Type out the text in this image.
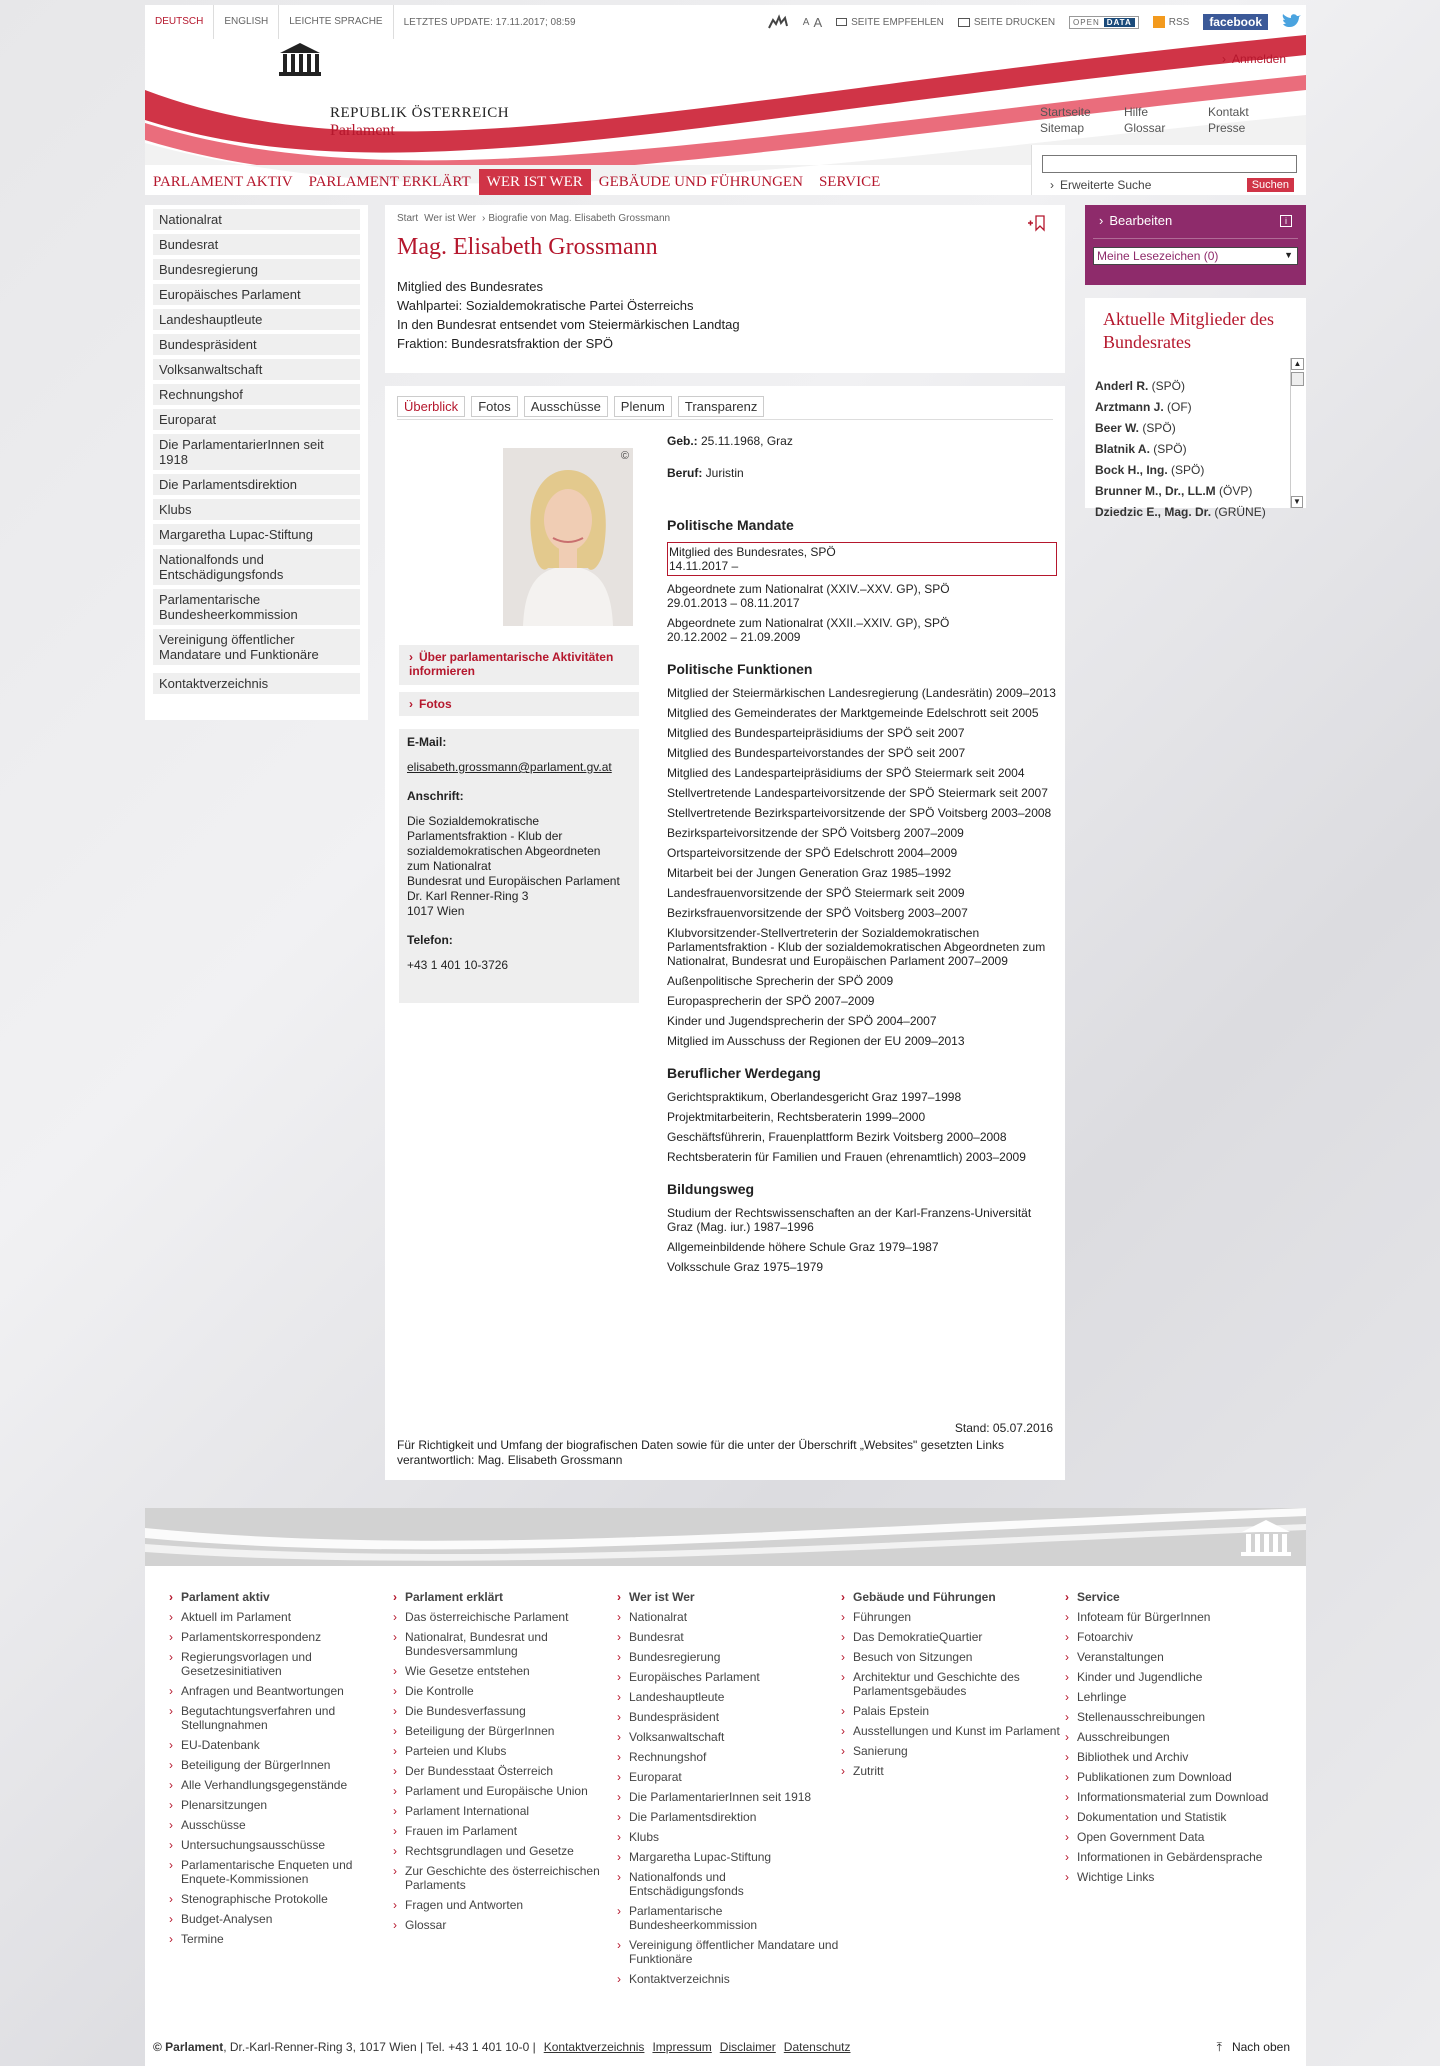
DEUTSCH	ENGLISH	LEICHTE SPRACHE	LETZTES UPDATE: 17.11.2017; 08:59	A A	SEITE EMPFEHLEN	SEITE DRUCKEN OPEN DATA	RSS	facebook
REPUBLIK ÖSTERREICH
Parlament
› Anmelden
Startseite	Hilfe	Kontakt
Sitemap	Glossar	Presse
PARLAMENT AKTIV	PARLAMENT ERKLÄRT	WER IST WER	GEBÄUDE UND FÜHRUNGEN	SERVICE	› Erweiterte Suche	Suchen
Nationalrat
Bundesrat
Bundesregierung
Europäisches Parlament
Landeshauptleute
Bundespräsident
Volksanwaltschaft
Rechnungshof
Europarat
Die ParlamentarierInnen seit 1918
Die Parlamentsdirektion
Klubs
Margaretha Lupac-Stiftung
Nationalfonds und Entschädigungsfonds
Parlamentarische Bundesheerkommission
Vereinigung öffentlicher Mandatare und Funktionäre
Kontaktverzeichnis
Start Wer ist Wer
›	Biografie von Mag. Elisabeth Grossmann
Mag. Elisabeth Grossmann
Mitglied des Bundesrates
Wahlpartei: Sozialdemokratische Partei Österreichs
In den Bundesrat entsendet vom Steiermärkischen Landtag
Fraktion: Bundesratsfraktion der SPÖ
Überblick	Fotos	Ausschüsse	Plenum	Transparenz
©
› Über parlamentarische Aktivitäten informieren
› Fotos
E-Mail:
elisabeth.grossmann@parlament.gv.at
Anschrift:
Die Sozialdemokratische
Parlamentsfraktion - Klub der
sozialdemokratischen Abgeordneten
zum Nationalrat
Bundesrat und Europäischen Parlament
Dr. Karl Renner-Ring 3
1017 Wien
Telefon:
+43 1 401 10-3726
Geb.: 25.11.1968, Graz
Beruf: Juristin
Politische Mandate
Mitglied des Bundesrates, SPÖ
14.11.2017 –
Abgeordnete zum Nationalrat (XXIV.–XXV. GP), SPÖ
29.01.2013 – 08.11.2017
Abgeordnete zum Nationalrat (XXII.–XXIV. GP), SPÖ
20.12.2002 – 21.09.2009
Politische Funktionen
Mitglied der Steiermärkischen Landesregierung (Landesrätin) 2009–2013
Mitglied des Gemeinderates der Marktgemeinde Edelschrott seit 2005
Mitglied des Bundesparteipräsidiums der SPÖ seit 2007
Mitglied des Bundesparteivorstandes der SPÖ seit 2007
Mitglied des Landesparteipräsidiums der SPÖ Steiermark seit 2004
Stellvertretende Landesparteivorsitzende der SPÖ Steiermark seit 2007
Stellvertretende Bezirksparteivorsitzende der SPÖ Voitsberg 2003–2008
Bezirksparteivorsitzende der SPÖ Voitsberg 2007–2009
Ortsparteivorsitzende der SPÖ Edelschrott 2004–2009
Mitarbeit bei der Jungen Generation Graz 1985–1992
Landesfrauenvorsitzende der SPÖ Steiermark seit 2009
Bezirksfrauenvorsitzende der SPÖ Voitsberg 2003–2007
Klubvorsitzender-Stellvertreterin der Sozialdemokratischen Parlamentsfraktion - Klub der sozialdemokratischen Abgeordneten zum Nationalrat, Bundesrat und Europäischen Parlament 2007–2009
Außenpolitische Sprecherin der SPÖ 2009
Europasprecherin der SPÖ 2007–2009
Kinder und Jugendsprecherin der SPÖ 2004–2007
Mitglied im Ausschuss der Regionen der EU 2009–2013
Beruflicher Werdegang
Gerichtspraktikum, Oberlandesgericht Graz 1997–1998
Projektmitarbeiterin, Rechtsberaterin 1999–2000
Geschäftsführerin, Frauenplattform Bezirk Voitsberg 2000–2008
Rechtsberaterin für Familien und Frauen (ehrenamtlich) 2003–2009
Bildungsweg
Studium der Rechtswissenschaften an der Karl-Franzens-Universität Graz (Mag. iur.) 1987–1996
Allgemeinbildende höhere Schule Graz 1979–1987
Volksschule Graz 1975–1979
Stand: 05.07.2016
Für Richtigkeit und Umfang der biografischen Daten sowie für die unter der Überschrift „Websites" gesetzten Links verantwortlich: Mag. Elisabeth Grossmann
› Bearbeiten	i
Meine Lesezeichen (0) ▼
Aktuelle Mitglieder des Bundesrates
Anderl R. (SPÖ)
Arztmann J. (OF)
Beer W. (SPÖ)
Blatnik A. (SPÖ)
Bock H., Ing. (SPÖ)
Brunner M., Dr., LL.M (ÖVP)
Dziedzic E., Mag. Dr. (GRÜNE)
▲
▼
› Parlament aktiv
› Aktuell im Parlament
› Parlamentskorrespondenz
› Regierungsvorlagen und Gesetzesinitiativen
› Anfragen und Beantwortungen
› Begutachtungsverfahren und Stellungnahmen
› EU-Datenbank
› Beteiligung der BürgerInnen
› Alle Verhandlungsgegenstände
› Plenarsitzungen
› Ausschüsse
› Untersuchungsausschüsse
› Parlamentarische Enqueten und Enquete-Kommissionen
› Stenographische Protokolle
› Budget-Analysen
› Termine
› Parlament erklärt
› Das österreichische Parlament
› Nationalrat, Bundesrat und Bundesversammlung
› Wie Gesetze entstehen
› Die Kontrolle
› Die Bundesverfassung
› Beteiligung der BürgerInnen
› Parteien und Klubs
› Der Bundesstaat Österreich
› Parlament und Europäische Union
› Parlament International
› Frauen im Parlament
› Rechtsgrundlagen und Gesetze
› Zur Geschichte des österreichischen Parlaments
› Fragen und Antworten
› Glossar
› Wer ist Wer
› Nationalrat
› Bundesrat
› Bundesregierung
› Europäisches Parlament
› Landeshauptleute
› Bundespräsident
› Volksanwaltschaft
› Rechnungshof
› Europarat
› Die ParlamentarierInnen seit 1918
› Die Parlamentsdirektion
› Klubs
› Margaretha Lupac-Stiftung
› Nationalfonds und Entschädigungsfonds
› Parlamentarische Bundesheerkommission
› Vereinigung öffentlicher Mandatare und Funktionäre
› Kontaktverzeichnis
› Gebäude und Führungen
› Führungen
› Das DemokratieQuartier
› Besuch von Sitzungen
› Architektur und Geschichte des Parlamentsgebäudes
› Palais Epstein
› Ausstellungen und Kunst im Parlament
› Sanierung
› Zutritt
› Service
› Infoteam für BürgerInnen
› Fotoarchiv
› Veranstaltungen
› Kinder und Jugendliche
› Lehrlinge
› Stellenausschreibungen
› Ausschreibungen
› Bibliothek und Archiv
› Publikationen zum Download
› Informationsmaterial zum Download
› Dokumentation und Statistik
› Open Government Data
› Informationen in Gebärdensprache
› Wichtige Links
© Parlament, Dr.-Karl-Renner-Ring 3, 1017 Wien | Tel. +43 1 401 10-0 | Kontaktverzeichnis Impressum Disclaimer Datenschutz	⤒ Nach oben
